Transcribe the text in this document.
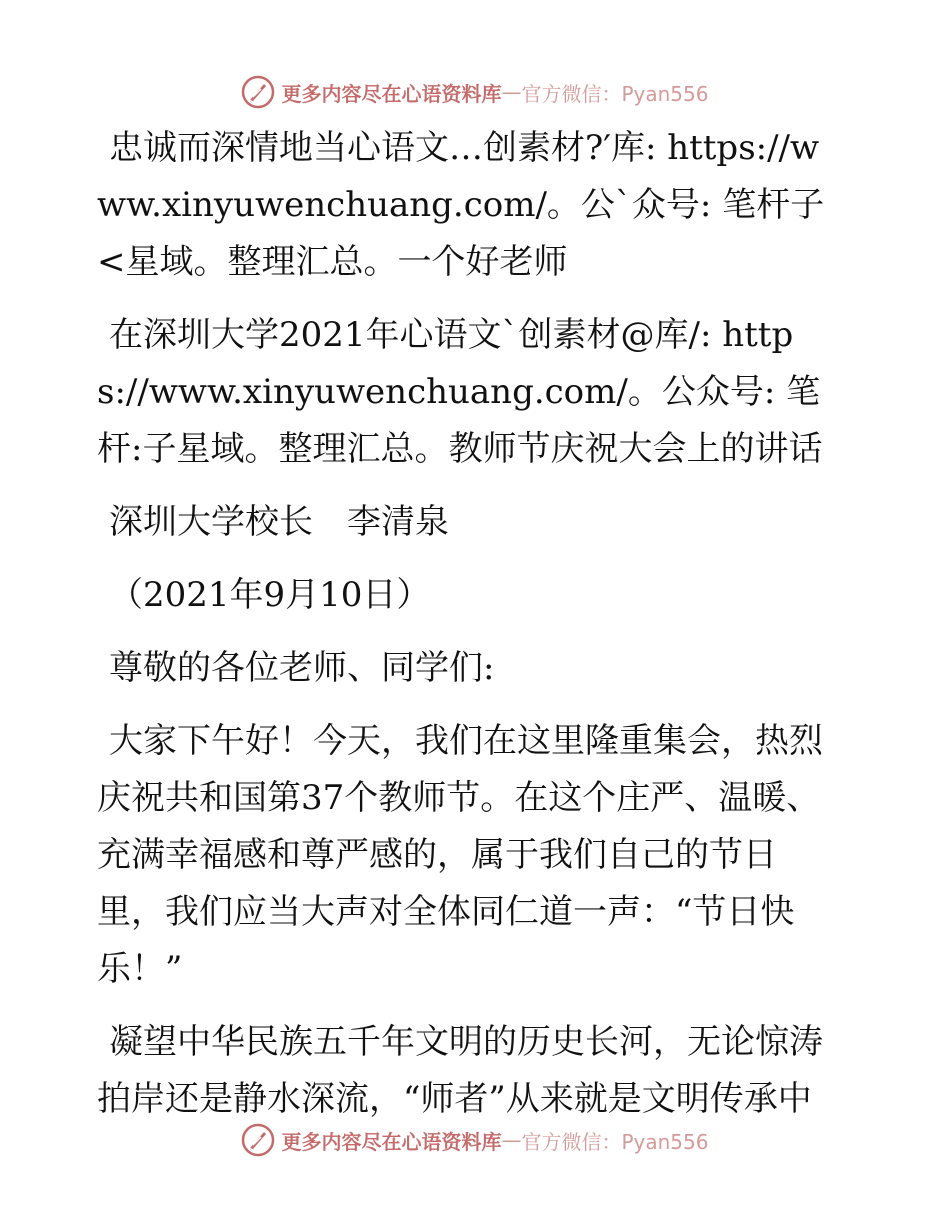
更多内容尽在心语资料库 — 官方微信：Pyan556

忠诚而深情地当心语文…创素材?′库: https://www.xinyuwenchuang.com/。公`众号: 笔杆子<星域。整理汇总。一个好老师

在深圳大学2021年心语文`创素材@库/: https://www.xinyuwenchuang.com/。公众号: 笔杆:子星域。整理汇总。教师节庆祝大会上的讲话

深圳大学校长　李清泉

（2021年9月10日）

尊敬的各位老师、同学们:

大家下午好！今天，我们在这里隆重集会，热烈庆祝共和国第37个教师节。在这个庄严、温暖、充满幸福感和尊严感的，属于我们自己的节日里，我们应当大声对全体同仁道一声：“节日快乐！”

凝望中华民族五千年文明的历史长河，无论惊涛拍岸还是静水深流，“师者”从来就是文明传承中

更多内容尽在心语资料库 — 官方微信：Pyan556
